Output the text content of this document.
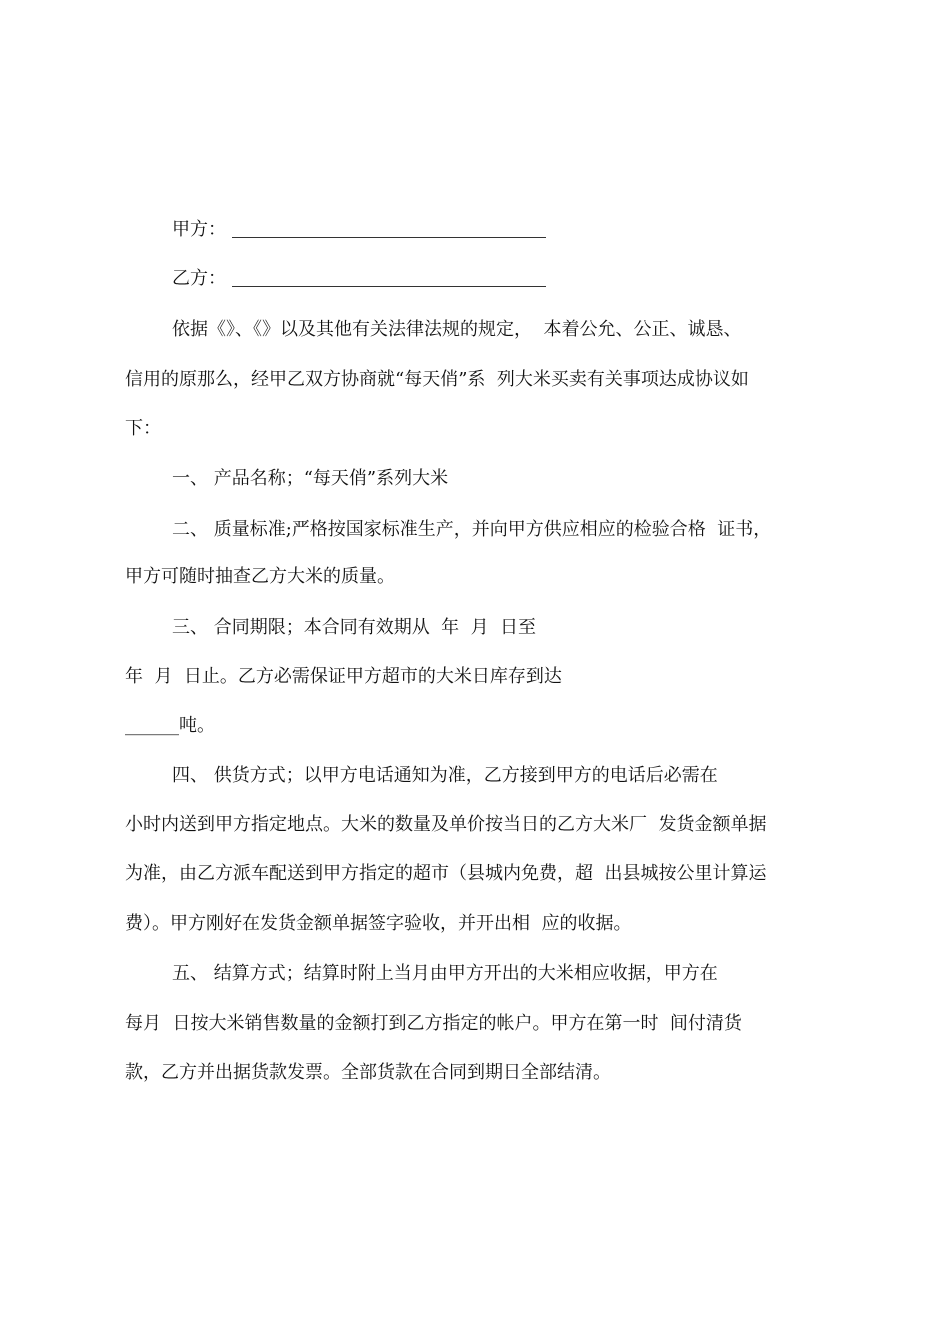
甲方：
乙方：
依据《》、《》以及其他有关法律法规的规定，  本着公允、公正、诚恳、
信用的原那么，经甲乙双方协商就“每天俏”系  列大米买卖有关事项达成协议如
下：
一、 产品名称；“每天俏”系列大米
二、 质量标准;严格按国家标准生产，并向甲方供应相应的检验合格  证书，
甲方可随时抽查乙方大米的质量。
三、 合同期限；本合同有效期从  年  月  日至
年  月  日止。乙方必需保证甲方超市的大米日库存到达
______吨。
四、 供货方式；以甲方电话通知为准，乙方接到甲方的电话后必需在
小时内送到甲方指定地点。大米的数量及单价按当日的乙方大米厂  发货金额单据
为准，由乙方派车配送到甲方指定的超市（县城内免费，超  出县城按公里计算运
费）。甲方刚好在发货金额单据签字验收，并开出相  应的收据。
五、 结算方式；结算时附上当月由甲方开出的大米相应收据，甲方在
每月  日按大米销售数量的金额打到乙方指定的帐户。甲方在第一时  间付清货
款，乙方并出据货款发票。全部货款在合同到期日全部结清。
